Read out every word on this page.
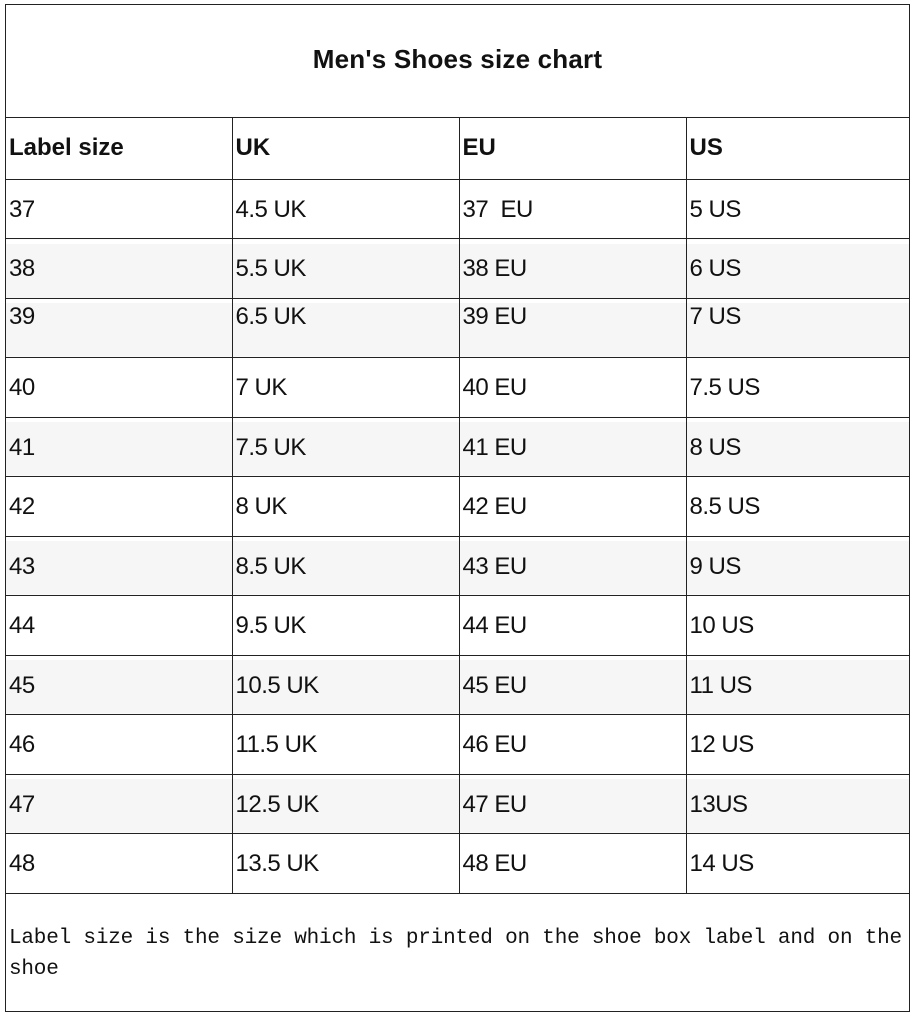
Men's Shoes size chart
Label size	UK	EU	US
37	4.5 UK	37  EU	5 US
38	5.5 UK	38 EU	6 US
39	6.5 UK	39 EU	7 US
40	7 UK	40 EU	7.5 US
41	7.5 UK	41 EU	8 US
42	8 UK	42 EU	8.5 US
43	8.5 UK	43 EU	9 US
44	9.5 UK	44 EU	10 US
45	10.5 UK	45 EU	11 US
46	11.5 UK	46 EU	12 US
47	12.5 UK	47 EU	13US
48	13.5 UK	48 EU	14 US
Label size is the size which is printed on the shoe box label and on the shoe
